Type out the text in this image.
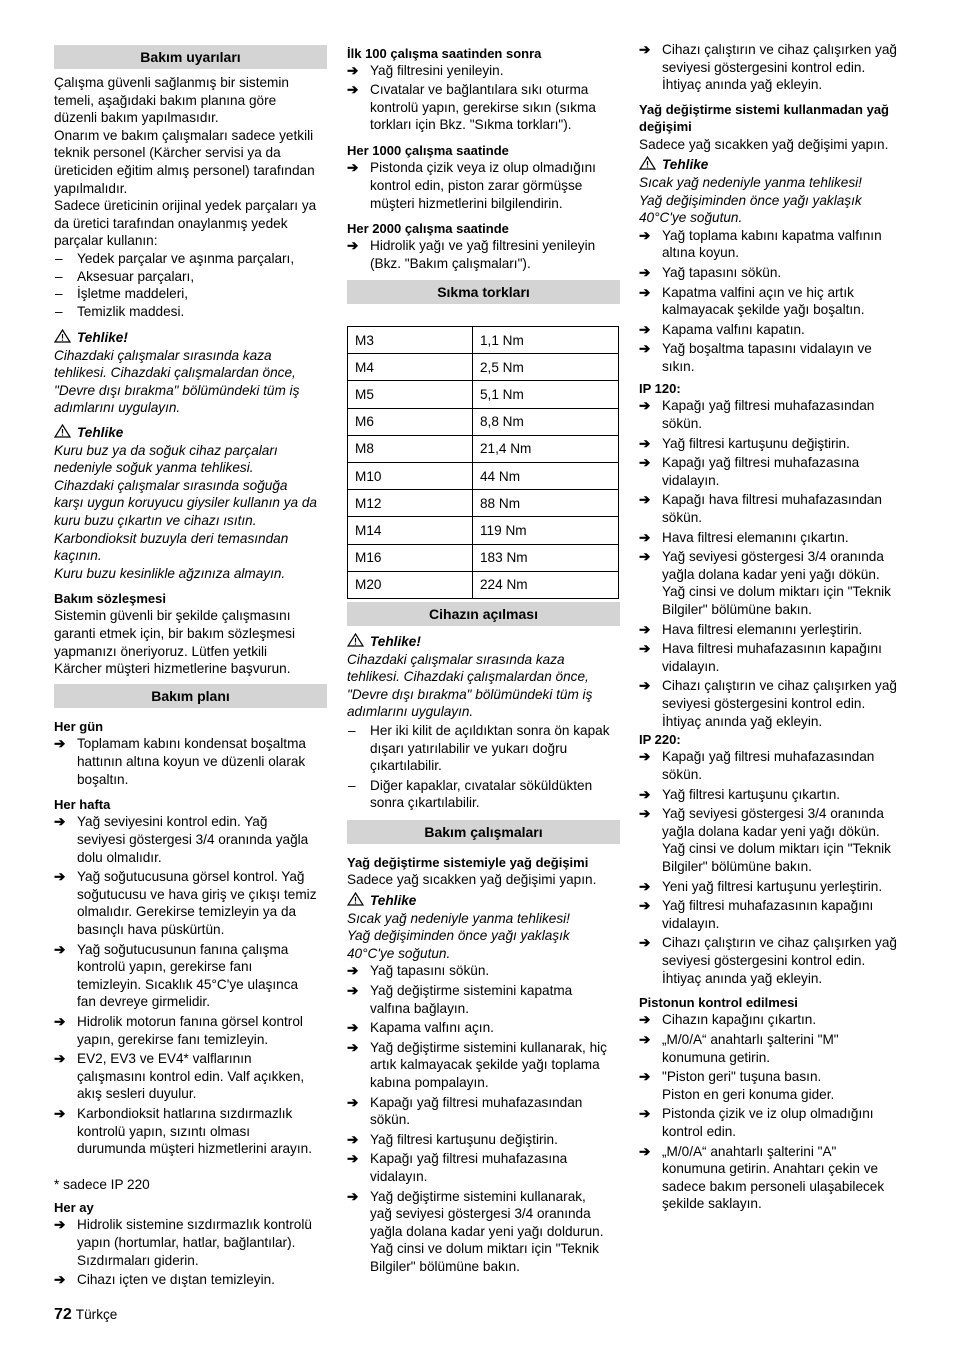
Bakım uyarıları
Çalışma güvenli sağlanmış bir sistemin
temeli, aşağıdaki bakım planına göre
düzenli bakım yapılmasıdır.
Onarım ve bakım çalışmaları sadece yetkili
teknik personel (Kärcher servisi ya da
üreticiden eğitim almış personel) tarafından
yapılmalıdır.
Sadece üreticinin orijinal yedek parçaları ya
da üretici tarafından onaylanmış yedek
parçalar kullanın:
– Yedek parçalar ve aşınma parçaları,
– Aksesuar parçaları,
– İşletme maddeleri,
– Temizlik maddesi.
Tehlike!
Cihazdaki çalışmalar sırasında kaza
tehlikesi. Cihazdaki çalışmalardan önce,
"Devre dışı bırakma" bölümündeki tüm iş
adımlarını uygulayın.
Tehlike
Kuru buz ya da soğuk cihaz parçaları
nedeniyle soğuk yanma tehlikesi.
Cihazdaki çalışmalar sırasında soğuğa
karşı uygun koruyucu giysiler kullanın ya da
kuru buzu çıkartın ve cihazı ısıtın.
Karbondioksit buzuyla deri temasından
kaçının.
Kuru buzu kesinlikle ağzınıza almayın.
Bakım sözleşmesi
Sistemin güvenli bir şekilde çalışmasını
garanti etmek için, bir bakım sözleşmesi
yapmanızı öneriyoruz. Lütfen yetkili
Kärcher müşteri hizmetlerine başvurun.
Bakım planı
Her gün
➔ Toplamam kabını kondensat boşaltma
hattının altına koyun ve düzenli olarak
boşaltın.
Her hafta
➔ Yağ seviyesini kontrol edin. Yağ
seviyesi göstergesi 3/4 oranında yağla
dolu olmalıdır.
➔ Yağ soğutucusuna görsel kontrol. Yağ
soğutucusu ve hava giriş ve çıkışı temiz
olmalıdır. Gerekirse temizleyin ya da
basınçlı hava püskürtün.
➔ Yağ soğutucusunun fanına çalışma
kontrolü yapın, gerekirse fanı
temizleyin. Sıcaklık 45°C'ye ulaşınca
fan devreye girmelidir.
➔ Hidrolik motorun fanına görsel kontrol
yapın, gerekirse fanı temizleyin.
➔ EV2, EV3 ve EV4* valflarının
çalışmasını kontrol edin. Valf açıkken,
akış sesleri duyulur.
➔ Karbondioksit hatlarına sızdırmazlık
kontrolü yapın, sızıntı olması
durumunda müşteri hizmetlerini arayın.
* sadece IP 220
Her ay
➔ Hidrolik sistemine sızdırmazlık kontrolü
yapın (hortumlar, hatlar, bağlantılar).
Sızdırmaları giderin.
➔ Cihazı içten ve dıştan temizleyin.
İlk 100 çalışma saatinden sonra
➔ Yağ filtresini yenileyin.
➔ Cıvatalar ve bağlantılara sıkı oturma
kontrolü yapın, gerekirse sıkın (sıkma
torkları için Bkz. "Sıkma torkları").
Her 1000 çalışma saatinde
➔ Pistonda çizik veya iz olup olmadığını
kontrol edin, piston zarar görmüşse
müşteri hizmetlerini bilgilendirin.
Her 2000 çalışma saatinde
➔ Hidrolik yağı ve yağ filtresini yenileyin
(Bkz. "Bakım çalışmaları").
Sıkma torkları
M3	1,1 Nm
M4	2,5 Nm
M5	5,1 Nm
M6	8,8 Nm
M8	21,4 Nm
M10	44 Nm
M12	88 Nm
M14	119 Nm
M16	183 Nm
M20	224 Nm
Cihazın açılması
Tehlike!
Cihazdaki çalışmalar sırasında kaza
tehlikesi. Cihazdaki çalışmalardan önce,
"Devre dışı bırakma" bölümündeki tüm iş
adımlarını uygulayın.
– Her iki kilit de açıldıktan sonra ön kapak
dışarı yatırılabilir ve yukarı doğru
çıkartılabilir.
– Diğer kapaklar, cıvatalar söküldükten
sonra çıkartılabilir.
Bakım çalışmaları
Yağ değiştirme sistemiyle yağ değişimi
Sadece yağ sıcakken yağ değişimi yapın.
Tehlike
Sıcak yağ nedeniyle yanma tehlikesi!
Yağ değişiminden önce yağı yaklaşık
40°C'ye soğutun.
➔ Yağ tapasını sökün.
➔ Yağ değiştirme sistemini kapatma
valfına bağlayın.
➔ Kapama valfını açın.
➔ Yağ değiştirme sistemini kullanarak, hiç
artık kalmayacak şekilde yağı toplama
kabına pompalayın.
➔ Kapağı yağ filtresi muhafazasından
sökün.
➔ Yağ filtresi kartuşunu değiştirin.
➔ Kapağı yağ filtresi muhafazasına
vidalayın.
➔ Yağ değiştirme sistemini kullanarak,
yağ seviyesi göstergesi 3/4 oranında
yağla dolana kadar yeni yağı doldurun.
Yağ cinsi ve dolum miktarı için "Teknik
Bilgiler" bölümüne bakın.
➔ Cihazı çalıştırın ve cihaz çalışırken yağ
seviyesi göstergesini kontrol edin.
İhtiyaç anında yağ ekleyin.
Yağ değiştirme sistemi kullanmadan yağ
değişimi
Sadece yağ sıcakken yağ değişimi yapın.
Tehlike
Sıcak yağ nedeniyle yanma tehlikesi!
Yağ değişiminden önce yağı yaklaşık
40°C'ye soğutun.
➔ Yağ toplama kabını kapatma valfının
altına koyun.
➔ Yağ tapasını sökün.
➔ Kapatma valfini açın ve hiç artık
kalmayacak şekilde yağı boşaltın.
➔ Kapama valfını kapatın.
➔ Yağ boşaltma tapasını vidalayın ve
sıkın.
IP 120:
➔ Kapağı yağ filtresi muhafazasından
sökün.
➔ Yağ filtresi kartuşunu değiştirin.
➔ Kapağı yağ filtresi muhafazasına
vidalayın.
➔ Kapağı hava filtresi muhafazasından
sökün.
➔ Hava filtresi elemanını çıkartın.
➔ Yağ seviyesi göstergesi 3/4 oranında
yağla dolana kadar yeni yağı dökün.
Yağ cinsi ve dolum miktarı için "Teknik
Bilgiler" bölümüne bakın.
➔ Hava filtresi elemanını yerleştirin.
➔ Hava filtresi muhafazasının kapağını
vidalayın.
➔ Cihazı çalıştırın ve cihaz çalışırken yağ
seviyesi göstergesini kontrol edin.
İhtiyaç anında yağ ekleyin.
IP 220:
➔ Kapağı yağ filtresi muhafazasından
sökün.
➔ Yağ filtresi kartuşunu çıkartın.
➔ Yağ seviyesi göstergesi 3/4 oranında
yağla dolana kadar yeni yağı dökün.
Yağ cinsi ve dolum miktarı için "Teknik
Bilgiler" bölümüne bakın.
➔ Yeni yağ filtresi kartuşunu yerleştirin.
➔ Yağ filtresi muhafazasının kapağını
vidalayın.
➔ Cihazı çalıştırın ve cihaz çalışırken yağ
seviyesi göstergesini kontrol edin.
İhtiyaç anında yağ ekleyin.
Pistonun kontrol edilmesi
➔ Cihazın kapağını çıkartın.
➔ „M/0/A“ anahtarlı şalterini "M"
konumuna getirin.
➔ "Piston geri" tuşuna basın.
Piston en geri konuma gider.
➔ Pistonda çizik ve iz olup olmadığını
kontrol edin.
➔ „M/0/A“ anahtarlı şalterini "A"
konumuna getirin. Anahtarı çekin ve
sadece bakım personeli ulaşabilecek
şekilde saklayın.
72 Türkçe
